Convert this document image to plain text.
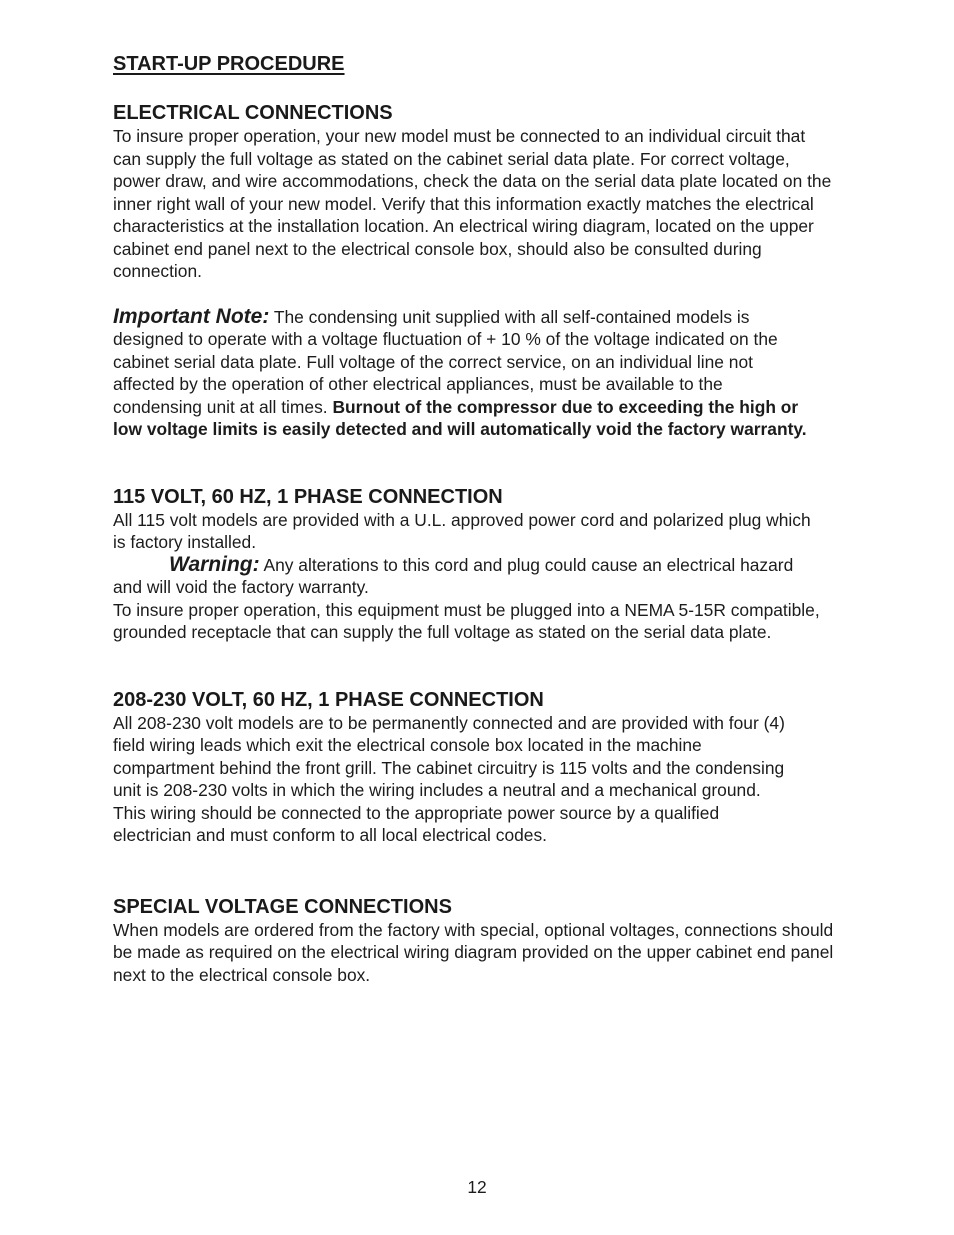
START-UP PROCEDURE
ELECTRICAL CONNECTIONS

To insure proper operation, your new model must be connected to an individual circuit that can supply the full voltage as stated on the cabinet serial data plate. For correct voltage, power draw, and wire accommodations, check the data on the serial data plate located on the inner right wall of your new model. Verify that this information exactly matches the electrical characteristics at the installation location. An electrical wiring diagram, located on the upper cabinet end panel next to the electrical console box, should also be consulted during connection.

Important Note: The condensing unit supplied with all self-contained models is designed to operate with a voltage fluctuation of + 10 % of the voltage indicated on the cabinet serial data plate. Full voltage of the correct service, on an individual line not affected by the operation of other electrical appliances, must be available to the condensing unit at all times. Burnout of the compressor due to exceeding the high or low voltage limits is easily detected and will automatically void the factory warranty.

115 VOLT, 60 HZ, 1 PHASE CONNECTION

All 115 volt models are provided with a U.L. approved power cord and polarized plug which is factory installed.

Warning: Any alterations to this cord and plug could cause an electrical hazard and will void the factory warranty.

To insure proper operation, this equipment must be plugged into a NEMA 5-15R compatible, grounded receptacle that can supply the full voltage as stated on the serial data plate.

208-230 VOLT, 60 HZ, 1 PHASE CONNECTION

All 208-230 volt models are to be permanently connected and are provided with four (4) field wiring leads which exit the electrical console box located in the machine compartment behind the front grill. The cabinet circuitry is 115 volts and the condensing unit is 208-230 volts in which the wiring includes a neutral and a mechanical ground. This wiring should be connected to the appropriate power source by a qualified electrician and must conform to all local electrical codes.

SPECIAL VOLTAGE CONNECTIONS

When models are ordered from the factory with special, optional voltages, connections should be made as required on the electrical wiring diagram provided on the upper cabinet end panel next to the electrical console box.

12
